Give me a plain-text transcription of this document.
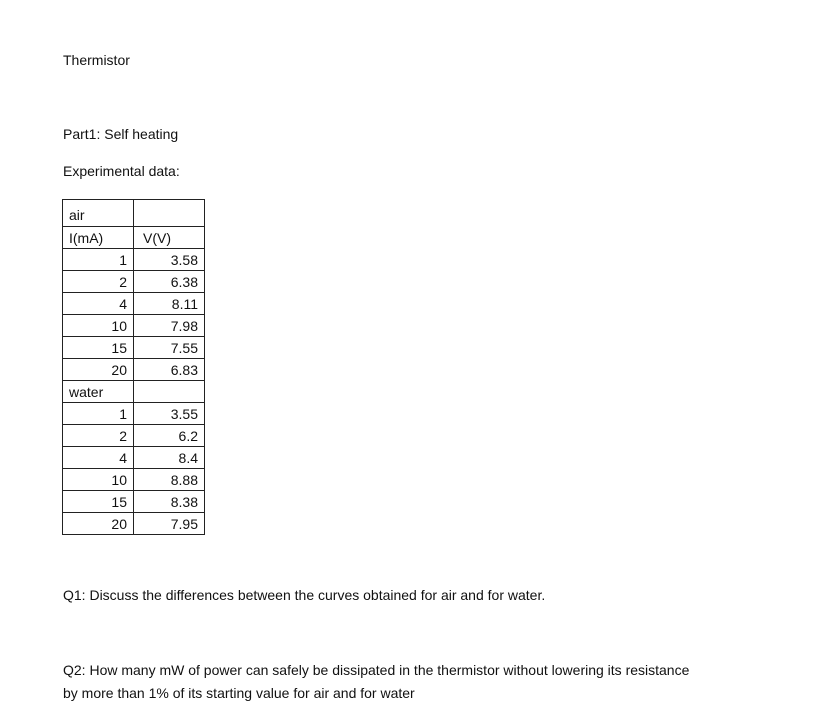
Thermistor
Part1: Self heating
Experimental data:
air	
I(mA)	V(V)
1	3.58
2	6.38
4	8.11
10	7.98
15	7.55
20	6.83
water	
1	3.55
2	6.2
4	8.4
10	8.88
15	8.38
20	7.95
Q1: Discuss the differences between the curves obtained for air and for water.
Q2: How many mW of power can safely be dissipated in the thermistor without lowering its resistance
by more than 1% of its starting value for air and for water
